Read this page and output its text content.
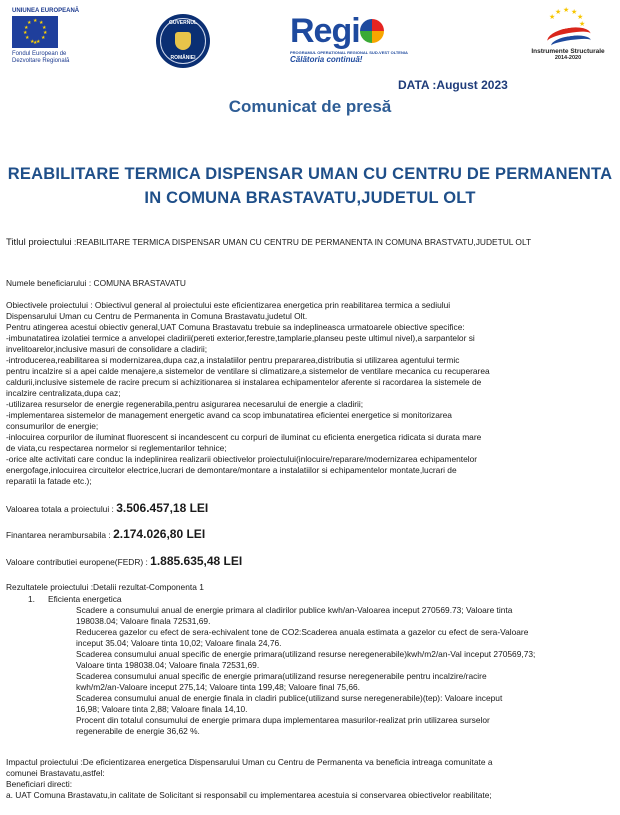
UNIUNEA EUROPEANĂ
★ ★
★
★
★
★
★
★
★
★
★
★
Fondul European de
Dezvoltare Regională
GUVERNUL
ROMÂNIEI
Regi
PROGRAMUL OPERATIONAL REGIONAL SUD-VEST OLTENIA
Călătoria continuă!
★ ★ ★
★
★
★
Instrumente Structurale
2014-2020
DATA :August 2023
Comunicat de presă
REABILITARE TERMICA DISPENSAR UMAN CU CENTRU DE PERMANENTA
IN COMUNA BRASTAVATU,JUDETUL OLT
Titlul proiectului :REABILITARE TERMICA DISPENSAR UMAN CU CENTRU DE PERMANENTA IN COMUNA BRASTVATU,JUDETUL OLT
Numele beneficiarului : COMUNA BRASTAVATU

Obiectivele proiectului : Obiectivul general al proiectului este eficientizarea energetica prin reabilitarea termica a sediului

Dispensarului Uman cu Centru de Permanenta in Comuna Brastavatu,judetul Olt.

Pentru atingerea acestui obiectiv general,UAT Comuna Brastavatu trebuie sa indeplineasca urmatoarele obiective specifice:

-imbunatatirea izolatiei termice a anvelopei cladirii(pereti exterior,ferestre,tamplarie,planseu peste ultimul nivel),a sarpantelor si

invelitoarelor,inclusive masuri de consolidare a cladirii;

-introducerea,reabilitarea si modernizarea,dupa caz,a instalatiilor pentru prepararea,distributia si utilizarea agentului termic

pentru incalzire si a apei calde menajere,a sistemelor de ventilare si climatizare,a sistemelor de ventilare mecanica cu recuperarea

caldurii,inclusive sistemele de racire precum si achizitionarea si instalarea echipamentelor aferente si racordarea la sistemele de

incalzire centralizata,dupa caz;

-utilizarea resurselor de energie regenerabila,pentru asigurarea necesarului de energie a cladirii;

-implementarea sistemelor de management energetic avand ca scop imbunatatirea eficientei energetice si monitorizarea

consumurilor de energie;

-inlocuirea corpurilor de iluminat fluorescent si incandescent cu corpuri de iluminat cu eficienta energetica ridicata si durata mare

de viata,cu respectarea normelor si reglementarilor tehnice;

-orice alte activitati care conduc la indeplinirea realizarii obiectivelor proiectului(inlocuire/reparare/modernizarea echipamentelor

energofage,inlocuirea circuitelor electrice,lucrari de demontare/montare a instalatiilor si echipamentelor montate,lucrari de

reparatii la fatade etc.);

Valoarea totala a proiectului : 3.506.457,18 LEI
Finantarea nerambursabila : 2.174.026,80 LEI
Valoare contributiei europene(FEDR) : 1.885.635,48 LEI
Rezultatele proiectului :Detalii rezultat-Componenta 1
1. Eficienta energetica

Scadere a consumului anual de energie primara al cladirilor publice kwh/an-Valoarea inceput 270569.73; Valoare tinta

198038.04; Valoare finala 72531,69.

Reducerea gazelor cu efect de sera-echivalent tone de CO2:Scaderea anuala estimata a gazelor cu efect de sera-Valoare

inceput 35.04; Valoare tinta 10,02; Valoare finala 24,76.

Scaderea consumului anual specific de energie primara(utilizand resurse neregenerabile)kwh/m2/an-Val inceput 270569,73;

Valoare tinta 198038.04; Valoare finala 72531,69.

Scaderea consumului anual specific de energie primara(utilizand resurse neregenerabile pentru incalzire/racire

kwh/m2/an-Valoare inceput 275,14; Valoare tinta 199,48; Valoare final 75,66.

Scaderea consumului anual de energie finala in cladiri publice(utilizand surse neregenerabile)(tep): Valoare inceput

16,98; Valoare tinta 2,88; Valoare finala 14,10.

Procent din totalul consumului de energie primara dupa implementarea masurilor-realizat prin utilizarea surselor

regenerabile de energie 36,62 %.

Impactul proiectului :De eficientizarea energetica Dispensarului Uman cu Centru de Permanenta va beneficia intreaga comunitate a

comunei Brastavatu,astfel:

Beneficiari directi:

a. UAT Comuna Brastavatu,in calitate de Solicitant si responsabil cu implementarea acestuia si conservarea obiectivelor reabilitate;
